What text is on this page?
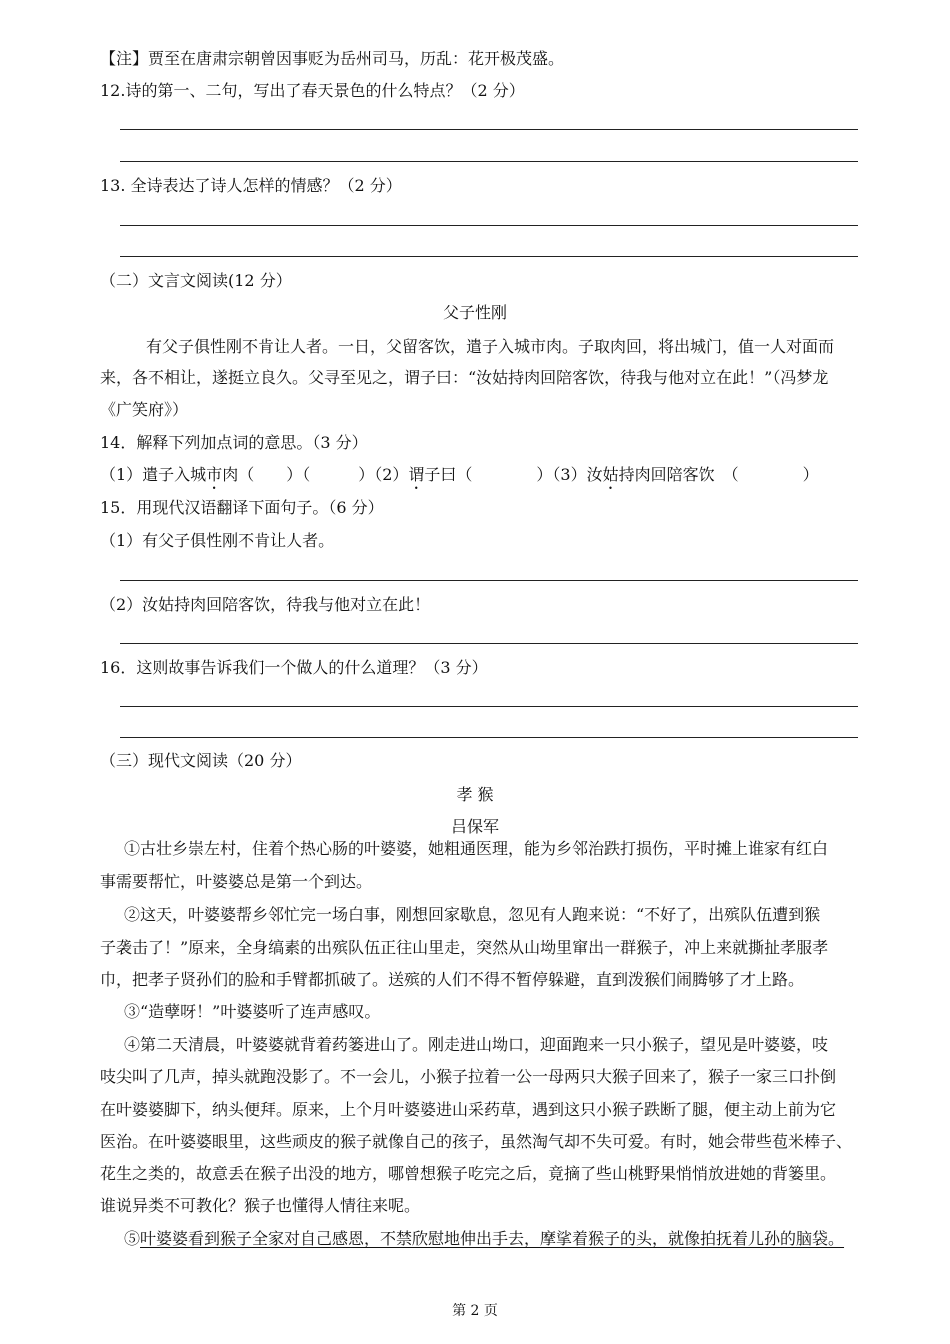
【注】贾至在唐肃宗朝曾因事贬为岳州司马，历乱：花开极茂盛。
12.诗的第一、二句，写出了春天景色的什么特点？（2 分）
13. 全诗表达了诗人怎样的情感？（2 分）
（二）文言文阅读(12 分）
父子性刚
有父子俱性刚不肯让人者。一日，父留客饮，遣子入城市肉。子取肉回，将出城门，值一人对面而
来，各不相让，遂挺立良久。父寻至见之，谓子曰：“汝姑持肉回陪客饮，待我与他对立在此！”（冯梦龙
《广笑府》）
14．解释下列加点词的意思。（3 分）
（1）遣子入城市肉（　　）（　　　）（2）谓子曰（　　　　）（3）汝姑持肉回陪客饮　（　　　　）
15．用现代汉语翻译下面句子。（6 分）
（1）有父子俱性刚不肯让人者。
（2）汝姑持肉回陪客饮，待我与他对立在此！
16．这则故事告诉我们一个做人的什么道理？（3 分）
（三）现代文阅读（20 分）
孝 猴
吕保军
①古壮乡崇左村，住着个热心肠的叶婆婆，她粗通医理，能为乡邻治跌打损伤，平时摊上谁家有红白
事需要帮忙，叶婆婆总是第一个到达。
②这天，叶婆婆帮乡邻忙完一场白事，刚想回家歇息，忽见有人跑来说：“不好了，出殡队伍遭到猴
子袭击了！”原来，全身缟素的出殡队伍正往山里走，突然从山坳里窜出一群猴子，冲上来就撕扯孝服孝
巾，把孝子贤孙们的脸和手臂都抓破了。送殡的人们不得不暂停躲避，直到泼猴们闹腾够了才上路。
③“造孽呀！”叶婆婆听了连声感叹。
④第二天清晨，叶婆婆就背着药篓进山了。刚走进山坳口，迎面跑来一只小猴子，望见是叶婆婆，吱
吱尖叫了几声，掉头就跑没影了。不一会儿，小猴子拉着一公一母两只大猴子回来了，猴子一家三口扑倒
在叶婆婆脚下，纳头便拜。原来，上个月叶婆婆进山采药草，遇到这只小猴子跌断了腿，便主动上前为它
医治。在叶婆婆眼里，这些顽皮的猴子就像自己的孩子，虽然淘气却不失可爱。有时，她会带些苞米棒子、
花生之类的，故意丢在猴子出没的地方，哪曾想猴子吃完之后，竟摘了些山桃野果悄悄放进她的背篓里。
谁说异类不可教化？猴子也懂得人情往来呢。
⑤叶婆婆看到猴子全家对自己感恩，不禁欣慰地伸出手去，摩挲着猴子的头，就像拍抚着儿孙的脑袋。
第 2 页
